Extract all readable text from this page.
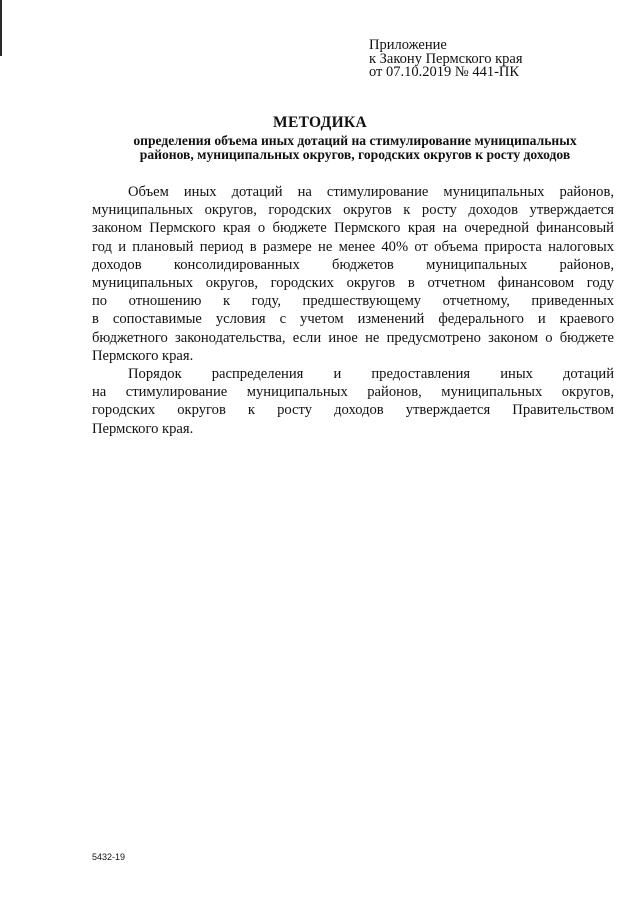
Приложение
к Закону Пермского края
от 07.10.2019 № 441-ПК
МЕТОДИКА
определения объема иных дотаций на стимулирование муниципальных
районов, муниципальных округов, городских округов к росту доходов
Объем иных дотаций на стимулирование муниципальных районов,
муниципальных округов, городских округов к росту доходов утверждается
законом Пермского края о бюджете Пермского края на очередной финансовый
год и плановый период в размере не менее 40% от объема прироста налоговых
доходов консолидированных бюджетов муниципальных районов,
муниципальных округов, городских округов в отчетном финансовом году
по отношению к году, предшествующему отчетному, приведенных
в сопоставимые условия с учетом изменений федерального и краевого
бюджетного законодательства, если иное не предусмотрено законом о бюджете
Пермского края.
Порядок распределения и предоставления иных дотаций
на стимулирование муниципальных районов, муниципальных округов,
городских округов к росту доходов утверждается Правительством
Пермского края.
5432-19
